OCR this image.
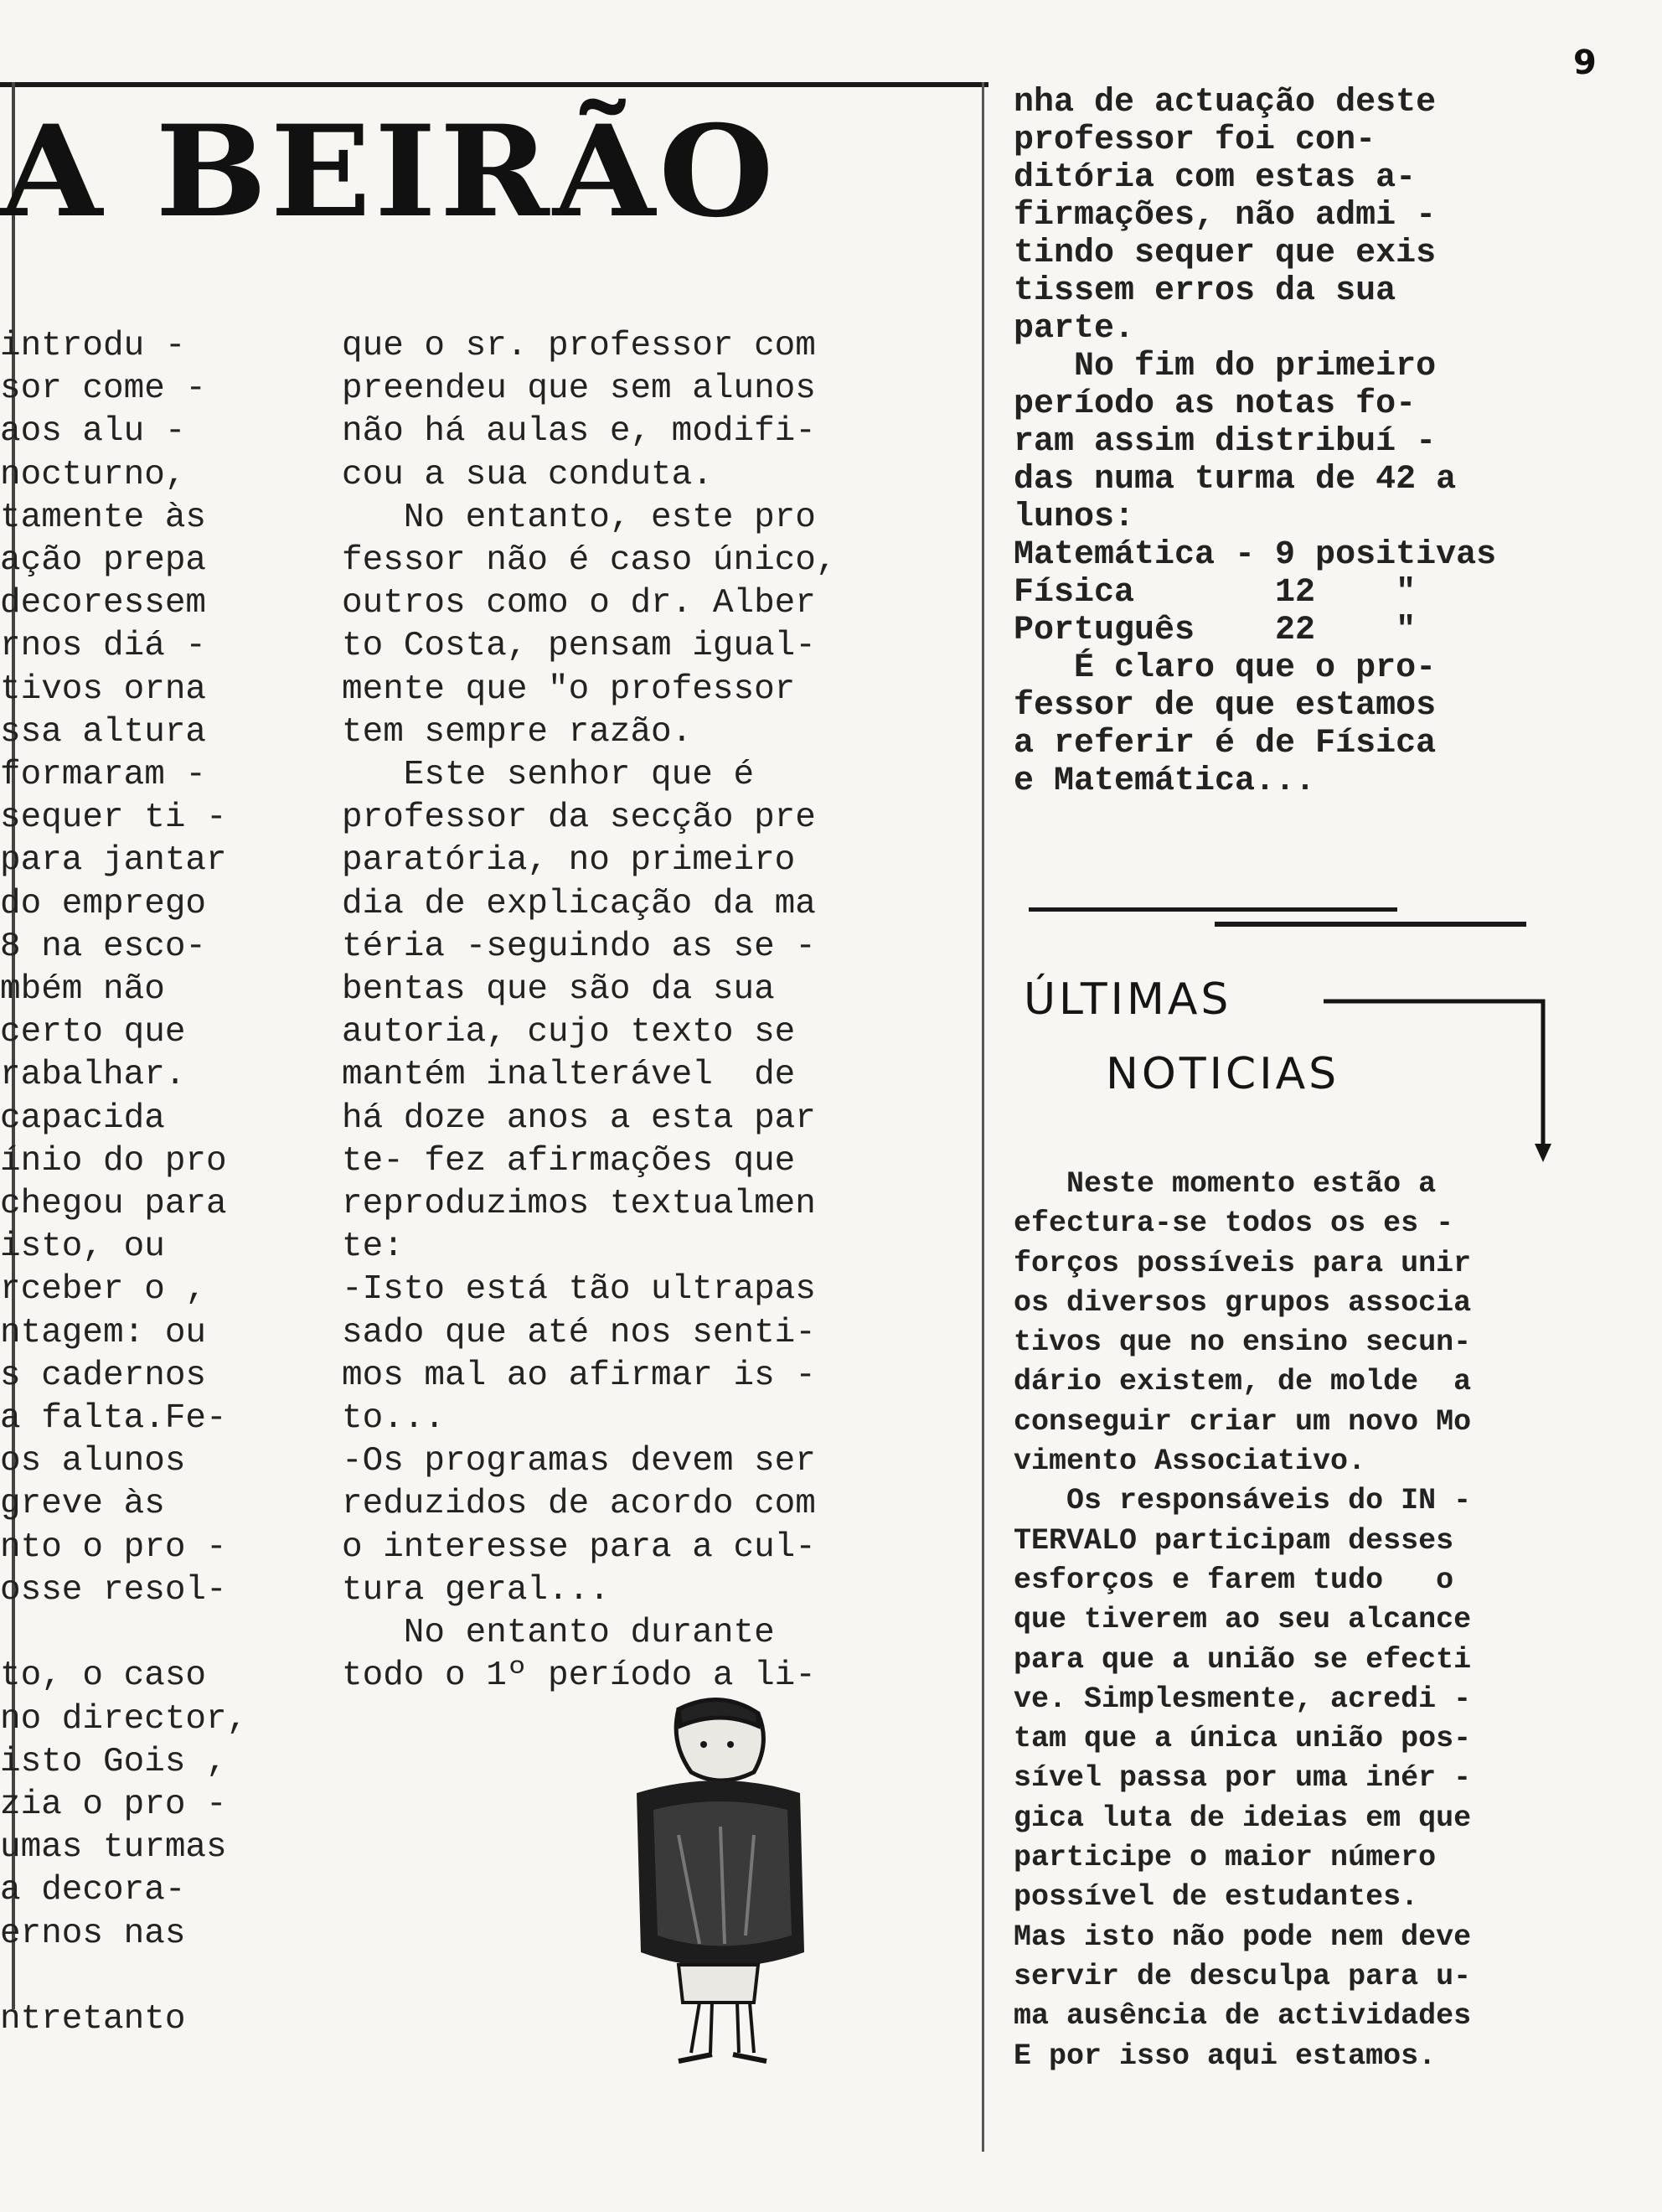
9
A BEIRÃO
introdu -
sor come -
aos alu -
nocturno,
tamente às
ação prepa
decoressem
rnos diá -
tivos orna
ssa altura
formaram -
sequer ti -
para jantar
do emprego
8 na esco-
mbém não
certo que
rabalhar.
capacida
ínio do pro
chegou para
isto, ou
rceber o ,
ntagem: ou
s cadernos
a falta.Fe-
os alunos
greve às
nto o pro -
osse resol-

to, o caso
no director,
isto Gois ,
zia o pro -
umas turmas
a decora-
ernos nas

ntretanto
que o sr. professor com
preendeu que sem alunos
não há aulas e, modifi-
cou a sua conduta.
No entanto, este pro
fessor não é caso único,
outros como o dr. Alber
to Costa, pensam igual-
mente que "o professor
tem sempre razão.
Este senhor que é
professor da secção pre
paratória, no primeiro
dia de explicação da ma
téria -seguindo as se -
bentas que são da sua
autoria, cujo texto se
mantém inalterável  de
há doze anos a esta par
te- fez afirmações que
reproduzimos textualmen
te:
-Isto está tão ultrapas
sado que até nos senti-
mos mal ao afirmar is -
to...
-Os programas devem ser
reduzidos de acordo com
o interesse para a cul-
tura geral...
No entanto durante
todo o 1º período a li-
nha de actuação deste
professor foi con-
ditória com estas a-
firmações, não admi -
tindo sequer que exis
tissem erros da sua
parte.
No fim do primeiro
período as notas fo-
ram assim distribuí -
das numa turma de 42 a
lunos:
Matemática - 9 positivas
Física       12    "
Português    22    "
É claro que o pro-
fessor de que estamos
a referir é de Física
e Matemática...
ÚLTIMAS
NOTICIAS
Neste momento estão a
efectura-se todos os es -
forços possíveis para unir
os diversos grupos associa
tivos que no ensino secun-
dário existem, de molde  a
conseguir criar um novo Mo
vimento Associativo.
Os responsáveis do IN -
TERVALO participam desses
esforços e farem tudo   o
que tiverem ao seu alcance
para que a união se efecti
ve. Simplesmente, acredi -
tam que a única união pos-
sível passa por uma inér -
gica luta de ideias em que
participe o maior número
possível de estudantes.
Mas isto não pode nem deve
servir de desculpa para u-
ma ausência de actividades
E por isso aqui estamos.
